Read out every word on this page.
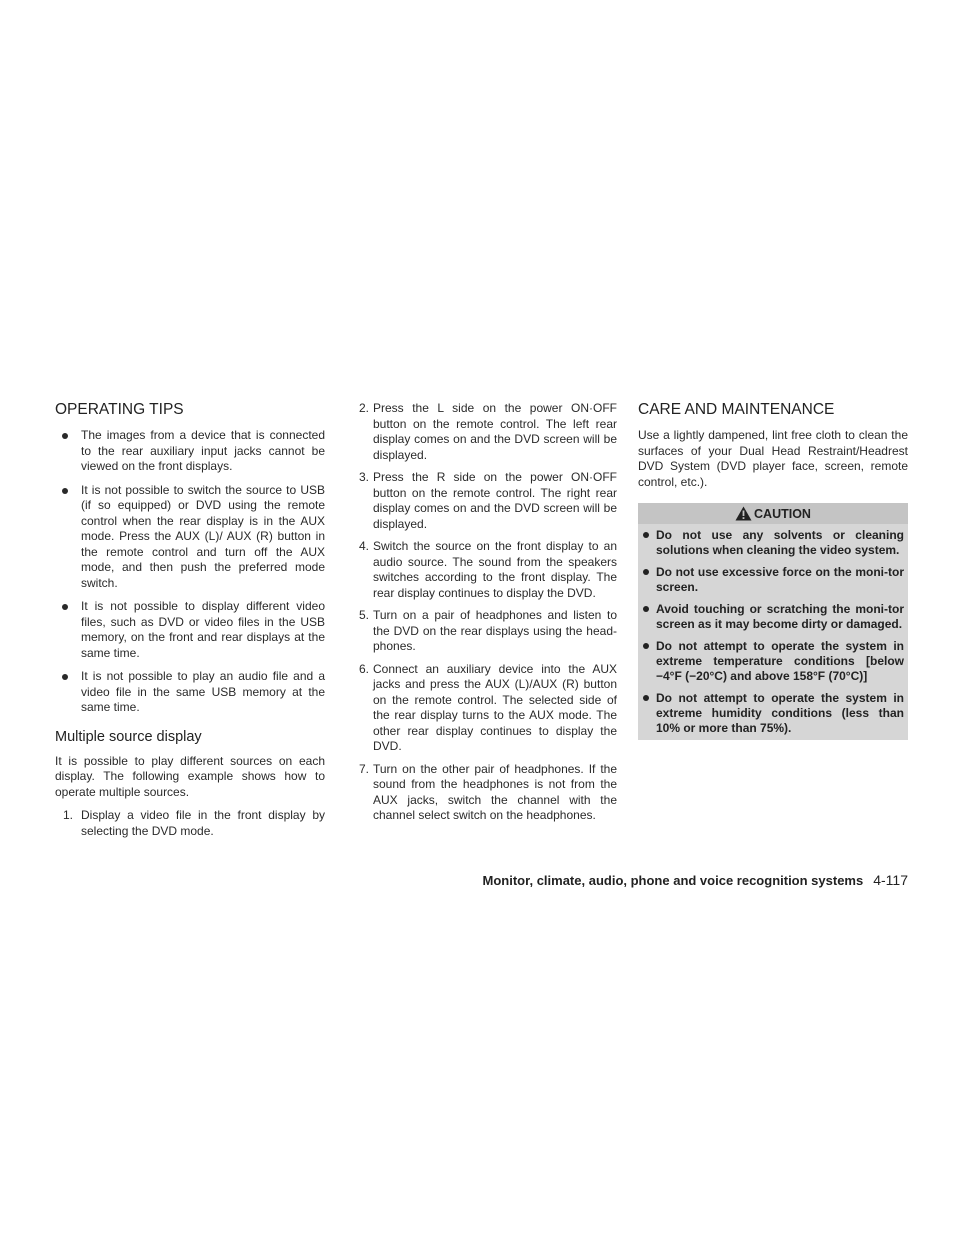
OPERATING TIPS
The images from a device that is connected to the rear auxiliary input jacks cannot be viewed on the front displays.
It is not possible to switch the source to USB (if so equipped) or DVD using the remote control when the rear display is in the AUX mode. Press the AUX (L)/ AUX (R) button in the remote control and turn off the AUX mode, and then push the preferred mode switch.
It is not possible to display different video files, such as DVD or video files in the USB memory, on the front and rear displays at the same time.
It is not possible to play an audio file and a video file in the same USB memory at the same time.
Multiple source display

It is possible to play different sources on each display. The following example shows how to operate multiple sources.

1. Display a video file in the front display by selecting the DVD mode.
2. Press the L side on the power ON·OFF button on the remote control. The left rear display comes on and the DVD screen will be displayed.
3. Press the R side on the power ON·OFF button on the remote control. The right rear display comes on and the DVD screen will be displayed.
4. Switch the source on the front display to an audio source. The sound from the speakers switches according to the front display. The rear display continues to display the DVD.
5. Turn on a pair of headphones and listen to the DVD on the rear displays using the head-phones.
6. Connect an auxiliary device into the AUX jacks and press the AUX (L)/AUX (R) button on the remote control. The selected side of the rear display turns to the AUX mode. The other rear display continues to display the DVD.
7. Turn on the other pair of headphones. If the sound from the headphones is not from the AUX jacks, switch the channel with the channel select switch on the headphones.
CARE AND MAINTENANCE

Use a lightly dampened, lint free cloth to clean the surfaces of your Dual Head Restraint/Headrest DVD System (DVD player face, screen, remote control, etc.).

CAUTION
Do not use any solvents or cleaning solutions when cleaning the video system.
Do not use excessive force on the moni-tor screen.
Avoid touching or scratching the moni-tor screen as it may become dirty or damaged.
Do not attempt to operate the system in extreme temperature conditions [below −4°F (−20°C) and above 158°F (70°C)]
Do not attempt to operate the system in extreme humidity conditions (less than 10% or more than 75%).
Monitor, climate, audio, phone and voice recognition systems 4-117
